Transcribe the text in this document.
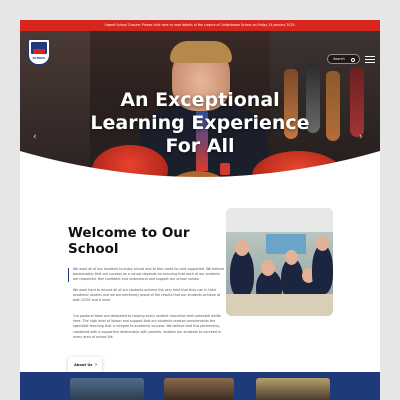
Urgent School Closure: Please click here to read details of the closure of Calderbrook School on Friday 24 January 2025.
SCHOOL	Search
An Exceptional
Learning Experience
For All
‹	›
Welcome to Our School

We want all of our students to enjoy school and to feel cared for and supported. We believe passionately that our success as a school depends on ensuring that each of our students are respected, feel confident and understand and support our school values.

We work hard to ensure all of our students achieve the very best that they can in their academic studies and we are extremely proud of the results that our students achieve at both GCSE and A level.

Our pastoral team are dedicated to helping every student maximise their potential whilst here. The high level of liaison and support that our students receive complements the specialist teaching that is integral to academic success. We believe that this partnership, combined with a supportive relationship with parents, enables our students to succeed in every area of school life.

About Us ›
